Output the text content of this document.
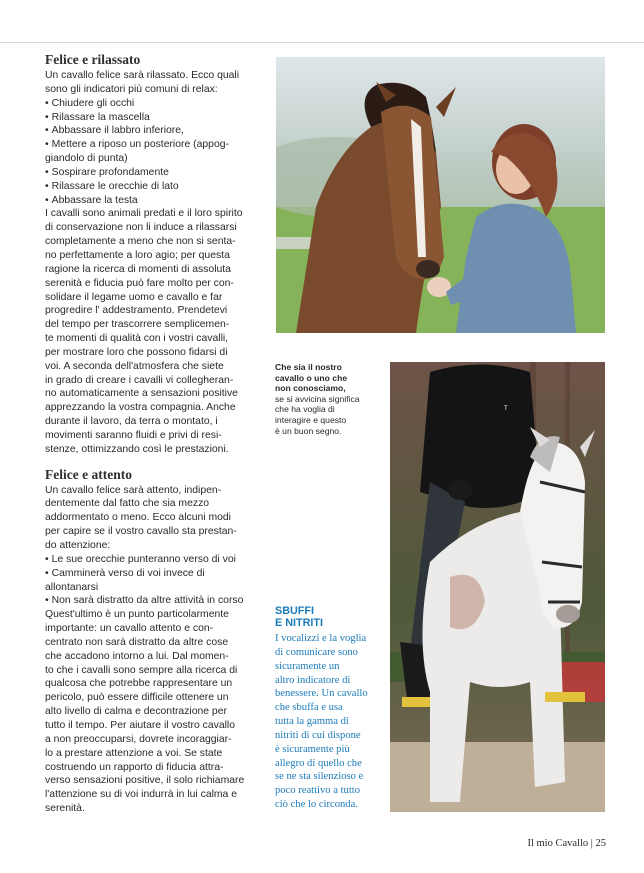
Felice e rilassato

Un cavallo felice sarà rilassato. Ecco quali
sono gli indicatori più comuni di relax:

• Chiudere gli occhi
• Rilassare la mascella
• Abbassare il labbro inferiore,
• Mettere a riposo un posteriore (appog-
giandolo di punta)
• Sospirare profondamente
• Rilassare le orecchie di lato
• Abbassare la testa

I cavalli sono animali predati e il loro spirito
di conservazione non li induce a rilassarsi
completamente a meno che non si senta-
no perfettamente a loro agio; per questa
ragione la ricerca di momenti di assoluta
serenità e fiducia può fare molto per con-
solidare il legame uomo e cavallo e far
progredire l' addestramento. Prendetevi
del tempo per trascorrere semplicemen-
te momenti di qualità con i vostri cavalli,
per mostrare loro che possono fidarsi di
voi. A seconda dell'atmosfera che siete
in grado di creare i cavalli vi collegheran-
no automaticamente a sensazioni positive
apprezzando la vostra compagnia. Anche
durante il lavoro, da terra o montato, i
movimenti saranno fluidi e privi di resi-
stenze, ottimizzando così le prestazioni.

Felice e attento

Un cavallo felice sarà attento, indipen-
dentemente dal fatto che sia mezzo
addormentato o meno. Ecco alcuni modi
per capire se il vostro cavallo sta prestan-
do attenzione:

• Le sue orecchie punteranno verso di voi
• Camminerà verso di voi invece di
allontanarsi
• Non sarà distratto da altre attività in corso

Quest'ultimo è un punto particolarmente
importante: un cavallo attento e con-
centrato non sarà distratto da altre cose
che accadono intorno a lui. Dal momen-
to che i cavalli sono sempre alla ricerca di
qualcosa che potrebbe rappresentare un
pericolo, può essere difficile ottenere un
alto livello di calma e decontrazione per
tutto il tempo. Per aiutare il vostro cavallo
a non preoccuparsi, dovrete incoraggiar-
lo a prestare attenzione a voi. Se state
costruendo un rapporto di fiducia attra-
verso sensazioni positive, il solo richiamare
l'attenzione su di voi indurrà in lui calma e
serenità.

Che sia il nostro
cavallo o uno che
non conosciamo,
se si avvicina significa
che ha voglia di
interagire e questo
è un buon segno.
T
SBUFFI
E NITRITI

I vocalizzi e la voglia
di comunicare sono
sicuramente un
altro indicatore di
benessere. Un cavallo
che sbuffa e usa
tutta la gamma di
nitriti di cui dispone
è sicuramente più
allegro di quello che
se ne sta silenzioso e
poco reattivo a tutto
ciò che lo circonda.

Il mio Cavallo | 25
